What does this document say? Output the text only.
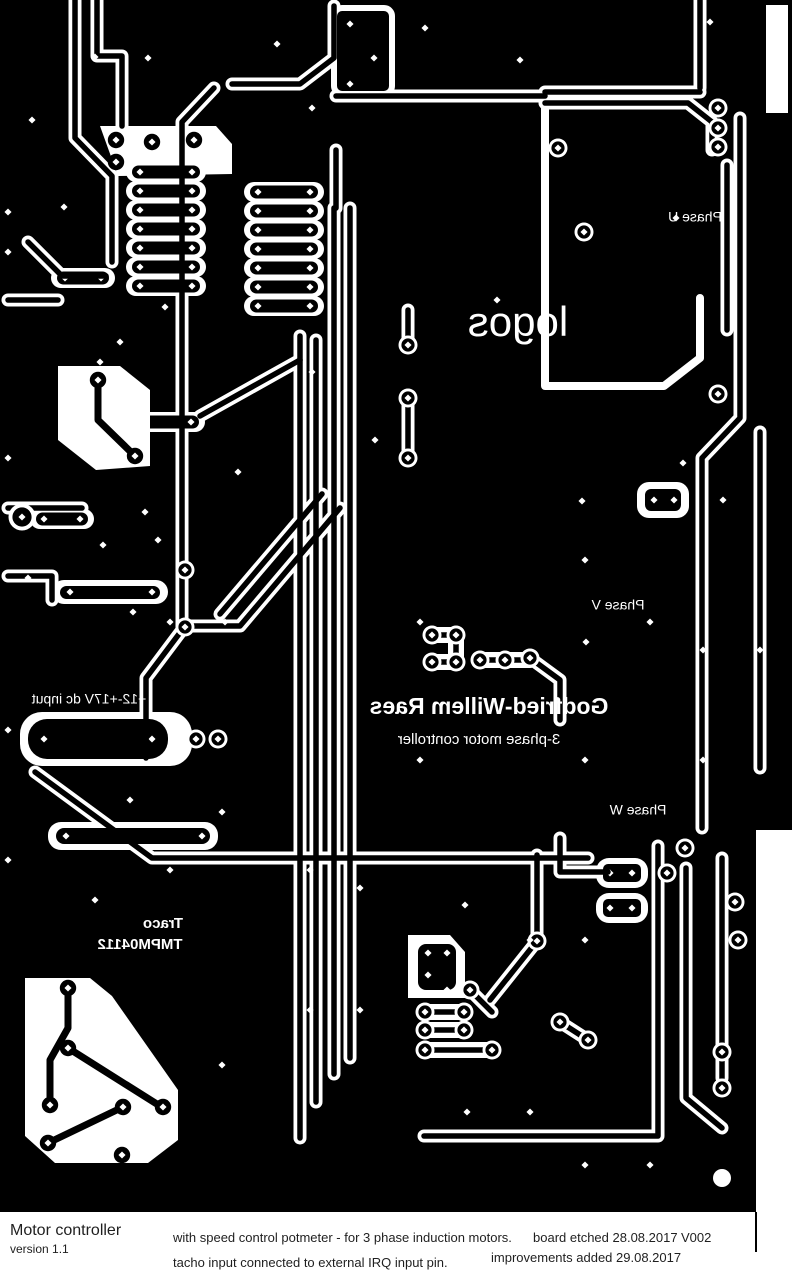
Phase U
Phase V
Phase W
logos
Godfried-Willem Raes
3-phase motor controller
+12-+17V dc input
Traco
TMPM04112
Motor controller
version 1.1
with speed control potmeter - for 3 phase induction motors.
tacho input connected to external IRQ input pin.
board etched 28.08.2017 V002
improvements added 29.08.2017
